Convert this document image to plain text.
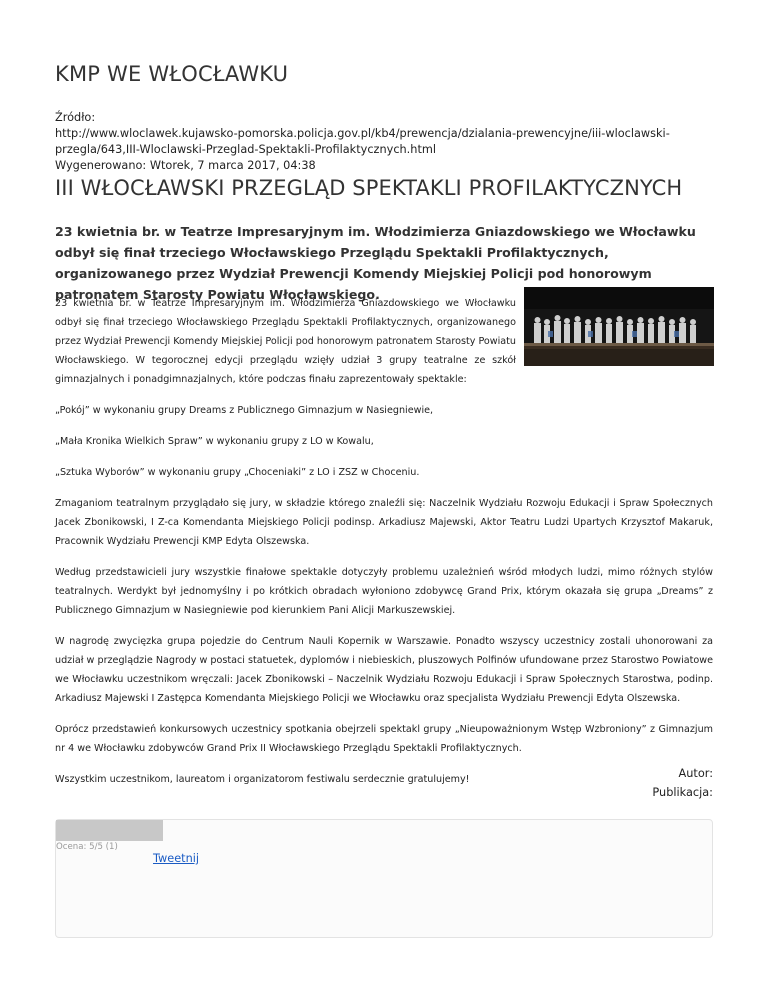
KMP WE WŁOCŁAWKU
Źródło:
http://www.wloclawek.kujawsko-pomorska.policja.gov.pl/kb4/prewencja/dzialania-prewencyjne/iii-wloclawski-przegla/643,III-Wloclawski-Przeglad-Spektakli-Profilaktycznych.html
Wygenerowano: Wtorek, 7 marca 2017, 04:38
III WŁOCŁAWSKI PRZEGLĄD SPEKTAKLI PROFILAKTYCZNYCH

23 kwietnia br. w Teatrze Impresaryjnym im. Włodzimierza Gniazdowskiego we Włocławku odbył się finał trzeciego Włocławskiego Przeglądu Spektakli Profilaktycznych, organizowanego przez Wydział Prewencji Komendy Miejskiej Policji pod honorowym patronatem Starosty Powiatu Włocławskiego.

23 kwietnia br. w Teatrze Impresaryjnym im. Włodzimierza Gniazdowskiego we Włocławku odbył się finał trzeciego Włocławskiego Przeglądu Spektakli Profilaktycznych, organizowanego przez Wydział Prewencji Komendy Miejskiej Policji pod honorowym patronatem Starosty Powiatu Włocławskiego. W tegorocznej edycji przeglądu wzięły udział 3 grupy teatralne ze szkół gimnazjalnych i ponadgimnazjalnych, które podczas finału zaprezentowały spektakle:

„Pokój” w wykonaniu grupy Dreams z Publicznego Gimnazjum w Nasiegniewie,

„Mała Kronika Wielkich Spraw” w wykonaniu grupy z LO w Kowalu,

„Sztuka Wyborów” w wykonaniu grupy „Choceniaki” z LO i ZSZ w Choceniu.

Zmaganiom teatralnym przyglądało się jury, w składzie którego znaleźli się: Naczelnik Wydziału Rozwoju Edukacji i Spraw Społecznych Jacek Zbonikowski, I Z-ca Komendanta Miejskiego Policji podinsp. Arkadiusz Majewski, Aktor Teatru Ludzi Upartych Krzysztof Makaruk, Pracownik Wydziału Prewencji KMP Edyta Olszewska.

Według przedstawicieli jury wszystkie finałowe spektakle dotyczyły problemu uzależnień wśród młodych ludzi, mimo różnych stylów teatralnych. Werdykt był jednomyślny i po krótkich obradach wyłoniono zdobywcę Grand Prix, którym okazała się grupa „Dreams” z Publicznego Gimnazjum w Nasiegniewie pod kierunkiem Pani Alicji Markuszewskiej.

W nagrodę zwycięzka grupa pojedzie do Centrum Nauli Kopernik w Warszawie. Ponadto wszyscy uczestnicy zostali uhonorowani za udział w przeglądzie Nagrody w postaci statuetek, dyplomów i niebieskich, pluszowych Polfinów ufundowane przez Starostwo Powiatowe we Włocławku uczestnikom wręczali: Jacek Zbonikowski – Naczelnik Wydziału Rozwoju Edukacji i Spraw Społecznych Starostwa, podinp. Arkadiusz Majewski I Zastępca Komendanta Miejskiego Policji we Włocławku oraz specjalista Wydziału Prewencji Edyta Olszewska.

Oprócz przedstawień konkursowych uczestnicy spotkania obejrzeli spektakl grupy „Nieupoważnionym Wstęp Wzbroniony” z Gimnazjum nr 4 we Włocławku zdobywców Grand Prix II Włocławskiego Przeglądu Spektakli Profilaktycznych.

Wszystkim uczestnikom, laureatom i organizatorom festiwalu serdecznie gratulujemy!	Autor:
Publikacja:
Ocena: 5/5 (1)
Tweetnij
